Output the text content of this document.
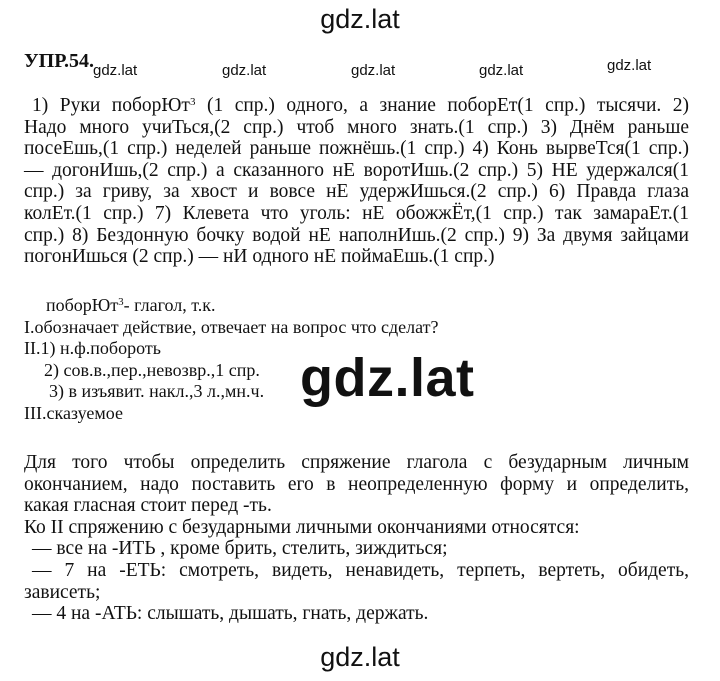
gdz.lat
gdz.lat	gdz.lat	gdz.lat	gdz.lat	gdz.lat
УПР.54.
1) Руки поборЮт$^3$ (1 спр.) одного, а знание поборЕт(1 спр.) тысячи. 2)
Надо много учиТься,(2 спр.) чтоб много знать.(1 спр.) 3) Днём раньше
посеЕшь,(1 спр.) неделей раньше пожнёшь.(1 спр.) 4) Конь вырвеТся(1 спр.)
— догонИшь,(2 спр.) а сказанного нЕ воротИшь.(2 спр.) 5) НЕ удержался(1
спр.) за гриву, за хвост и вовсе нЕ удержИшься.(2 спр.) 6) Правда глаза
колЕт.(1 спр.) 7) Клевета что уголь: нЕ обожжЁт,(1 спр.) так замараЕт.(1
спр.) 8) Бездонную бочку водой нЕ наполнИшь.(2 спр.) 9) За двумя зайцами
погонИшься (2 спр.) — нИ одного нЕ поймаЕшь.(1 спр.)
поборЮт$^3$- глагол, т.к.
I.обозначает действие, отвечает на вопрос что сделат?
II.1) н.ф.побороть
2) сов.в.,пер.,невозвр.,1 спр.
3) в изъявит. накл.,3 л.,мн.ч.
III.сказуемое
gdz.lat
Для того чтобы определить спряжение глагола с безударным личным
окончанием, надо поставить его в неопределенную форму и определить,
какая гласная стоит перед -ть.
Ко II спряжению с безударными личными окончаниями относятся:
— все на -ИТЬ , кроме брить, стелить, зиждиться;
— 7 на -ЕТЬ: смотреть, видеть, ненавидеть, терпеть, вертеть, обидеть,
зависеть;
— 4 на -АТЬ: слышать, дышать, гнать, держать.
gdz.lat
